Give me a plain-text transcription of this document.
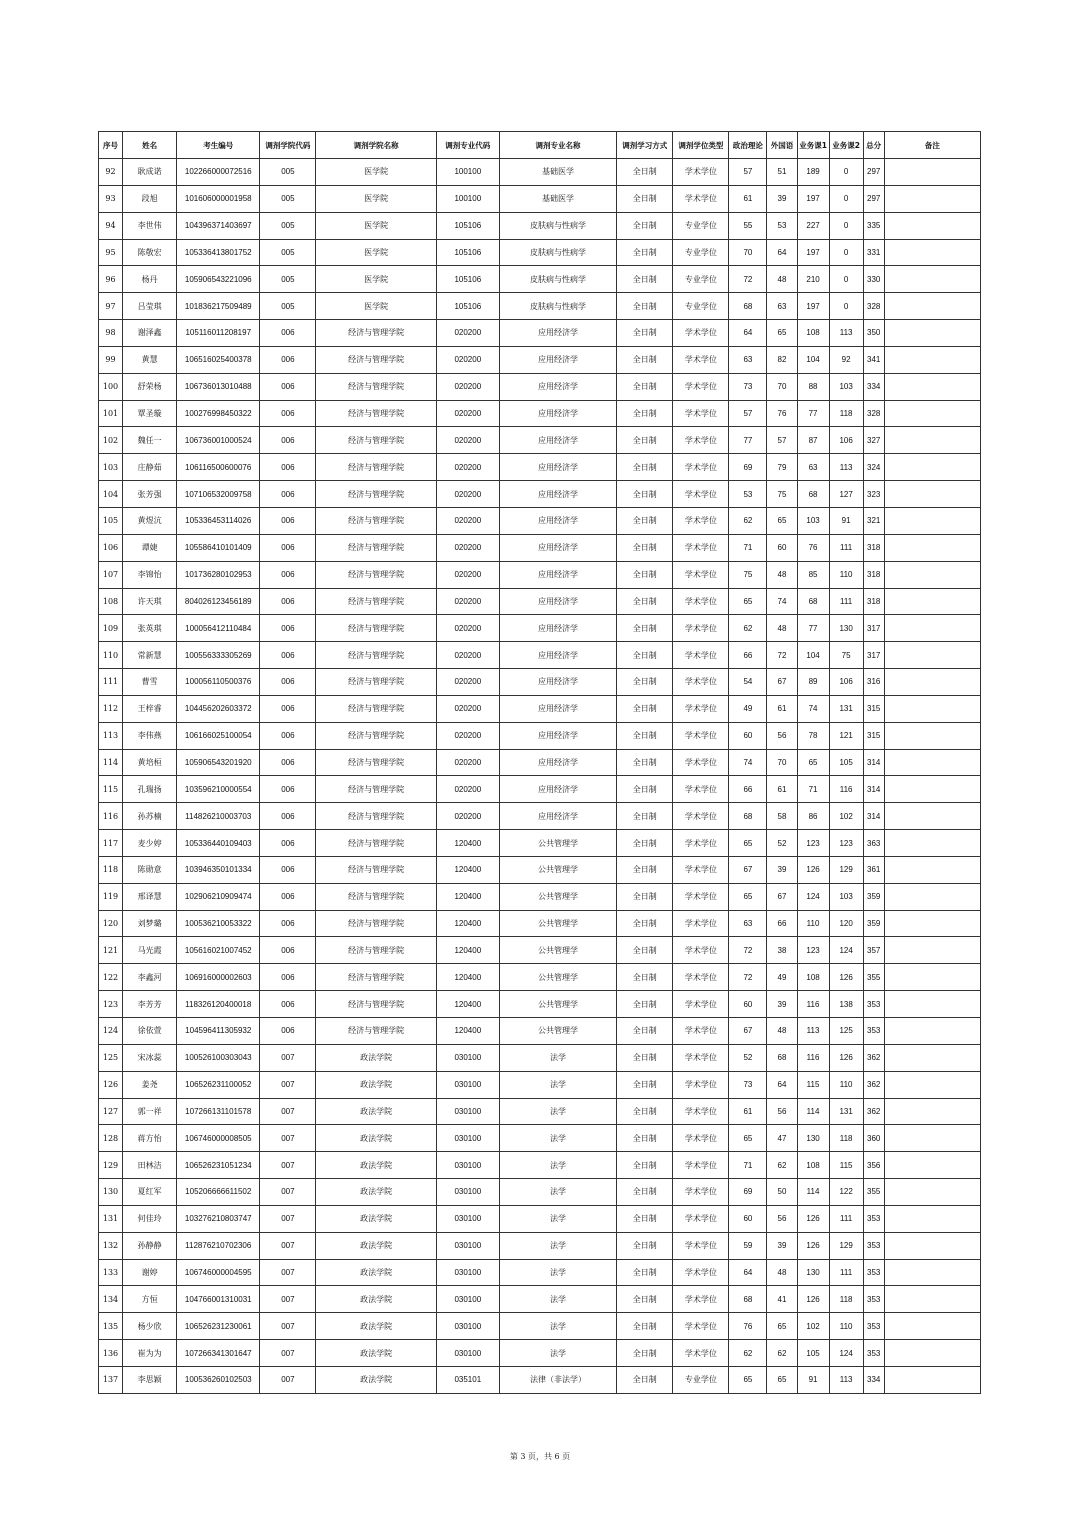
序号	姓名	考生编号	调剂学院代码	调剂学院名称	调剂专业代码	调剂专业名称	调剂学习方式	调剂学位类型	政治理论	外国语	业务课1	业务课2	总分	备注
92	耿成诺	102266000072516	005	医学院	100100	基础医学	全日制	学术学位	57	51	189	0	297	
93	段旭	101606000001958	005	医学院	100100	基础医学	全日制	学术学位	61	39	197	0	297	
94	李世伟	104396371403697	005	医学院	105106	皮肤病与性病学	全日制	专业学位	55	53	227	0	335	
95	陈敬宏	105336413801752	005	医学院	105106	皮肤病与性病学	全日制	专业学位	70	64	197	0	331	
96	杨丹	105906543221096	005	医学院	105106	皮肤病与性病学	全日制	专业学位	72	48	210	0	330	
97	吕莹琪	101836217509489	005	医学院	105106	皮肤病与性病学	全日制	专业学位	68	63	197	0	328	
98	谢泽鑫	105116011208197	006	经济与管理学院	020200	应用经济学	全日制	学术学位	64	65	108	113	350	
99	黄慧	106516025400378	006	经济与管理学院	020200	应用经济学	全日制	学术学位	63	82	104	92	341	
100	舒荣杨	106736013010488	006	经济与管理学院	020200	应用经济学	全日制	学术学位	73	70	88	103	334	
101	覃圣璇	100276998450322	006	经济与管理学院	020200	应用经济学	全日制	学术学位	57	76	77	118	328	
102	魏任一	106736001000524	006	经济与管理学院	020200	应用经济学	全日制	学术学位	77	57	87	106	327	
103	庄静茹	106116500600076	006	经济与管理学院	020200	应用经济学	全日制	学术学位	69	79	63	113	324	
104	张芳强	107106532009758	006	经济与管理学院	020200	应用经济学	全日制	学术学位	53	75	68	127	323	
105	黄煜沆	105336453114026	006	经济与管理学院	020200	应用经济学	全日制	学术学位	62	65	103	91	321	
106	谭婕	105586410101409	006	经济与管理学院	020200	应用经济学	全日制	学术学位	71	60	76	111	318	
107	李锦怡	101736280102953	006	经济与管理学院	020200	应用经济学	全日制	学术学位	75	48	85	110	318	
108	许天琪	804026123456189	006	经济与管理学院	020200	应用经济学	全日制	学术学位	65	74	68	111	318	
109	张英琪	100056412110484	006	经济与管理学院	020200	应用经济学	全日制	学术学位	62	48	77	130	317	
110	常新慧	100556333305269	006	经济与管理学院	020200	应用经济学	全日制	学术学位	66	72	104	75	317	
111	曹雪	100056110500376	006	经济与管理学院	020200	应用经济学	全日制	学术学位	54	67	89	106	316	
112	王梓睿	104456202603372	006	经济与管理学院	020200	应用经济学	全日制	学术学位	49	61	74	131	315	
113	李伟燕	106166025100054	006	经济与管理学院	020200	应用经济学	全日制	学术学位	60	56	78	121	315	
114	黄培桓	105906543201920	006	经济与管理学院	020200	应用经济学	全日制	学术学位	74	70	65	105	314	
115	孔瑞扬	103596210000554	006	经济与管理学院	020200	应用经济学	全日制	学术学位	66	61	71	116	314	
116	孙苏楠	114826210003703	006	经济与管理学院	020200	应用经济学	全日制	学术学位	68	58	86	102	314	
117	麦少婷	105336440109403	006	经济与管理学院	120400	公共管理学	全日制	学术学位	65	52	123	123	363	
118	陈勋意	103946350101334	006	经济与管理学院	120400	公共管理学	全日制	学术学位	67	39	126	129	361	
119	邢译慧	102906210909474	006	经济与管理学院	120400	公共管理学	全日制	学术学位	65	67	124	103	359	
120	刘梦璐	100536210053322	006	经济与管理学院	120400	公共管理学	全日制	学术学位	63	66	110	120	359	
121	马光霞	105616021007452	006	经济与管理学院	120400	公共管理学	全日制	学术学位	72	38	123	124	357	
122	李鑫河	106916000002603	006	经济与管理学院	120400	公共管理学	全日制	学术学位	72	49	108	126	355	
123	李芳芳	118326120400018	006	经济与管理学院	120400	公共管理学	全日制	学术学位	60	39	116	138	353	
124	徐依萱	104596411305932	006	经济与管理学院	120400	公共管理学	全日制	学术学位	67	48	113	125	353	
125	宋冰蕊	100526100303043	007	政法学院	030100	法学	全日制	学术学位	52	68	116	126	362	
126	姜尧	106526231100052	007	政法学院	030100	法学	全日制	学术学位	73	64	115	110	362	
127	郭一祥	107266131101578	007	政法学院	030100	法学	全日制	学术学位	61	56	114	131	362	
128	蒋方怡	106746000008505	007	政法学院	030100	法学	全日制	学术学位	65	47	130	118	360	
129	田林洁	106526231051234	007	政法学院	030100	法学	全日制	学术学位	71	62	108	115	356	
130	夏红军	105206666611502	007	政法学院	030100	法学	全日制	学术学位	69	50	114	122	355	
131	何佳玲	103276210803747	007	政法学院	030100	法学	全日制	学术学位	60	56	126	111	353	
132	孙静静	112876210702306	007	政法学院	030100	法学	全日制	学术学位	59	39	126	129	353	
133	谢婷	106746000004595	007	政法学院	030100	法学	全日制	学术学位	64	48	130	111	353	
134	方恒	104766001310031	007	政法学院	030100	法学	全日制	学术学位	68	41	126	118	353	
135	杨少欣	106526231230061	007	政法学院	030100	法学	全日制	学术学位	76	65	102	110	353	
136	崔为为	107266341301647	007	政法学院	030100	法学	全日制	学术学位	62	62	105	124	353	
137	李思颖	100536260102503	007	政法学院	035101	法律（非法学）	全日制	专业学位	65	65	91	113	334	
第 3 页，共 6 页
